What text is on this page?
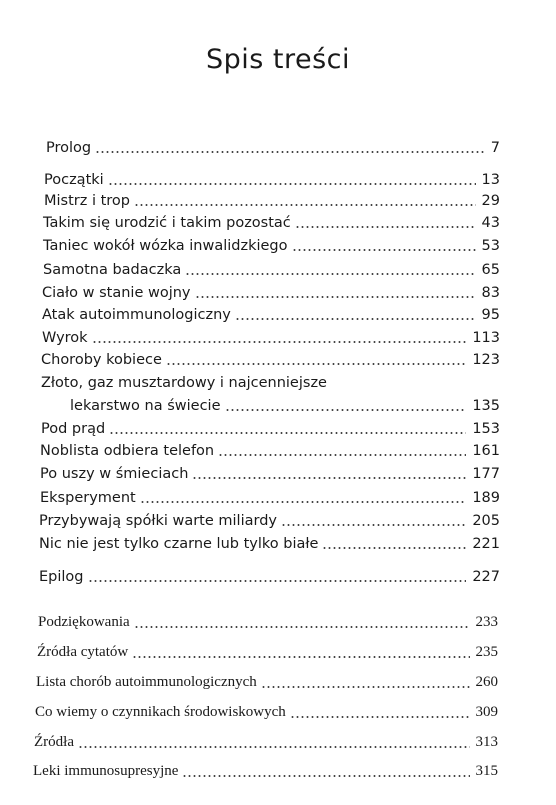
Spis treści
Prolog	7
Początki	13
Mistrz i trop	29
Takim się urodzić i takim pozostać	43
Taniec wokół wózka inwalidzkiego	53
Samotna badaczka	65
Ciało w stanie wojny	83
Atak autoimmunologiczny	95
Wyrok	113
Choroby kobiece	123
Złoto, gaz musztardowy i najcenniejsze
lekarstwo na świecie	135
Pod prąd	153
Noblista odbiera telefon	161
Po uszy w śmieciach	177
Eksperyment	189
Przybywają spółki warte miliardy	205
Nic nie jest tylko czarne lub tylko białe	221
Epilog	227
Podziękowania	233
Źródła cytatów	235
Lista chorób autoimmunologicznych	260
Co wiemy o czynnikach środowiskowych	309
Źródła	313
Leki immunosupresyjne	315
